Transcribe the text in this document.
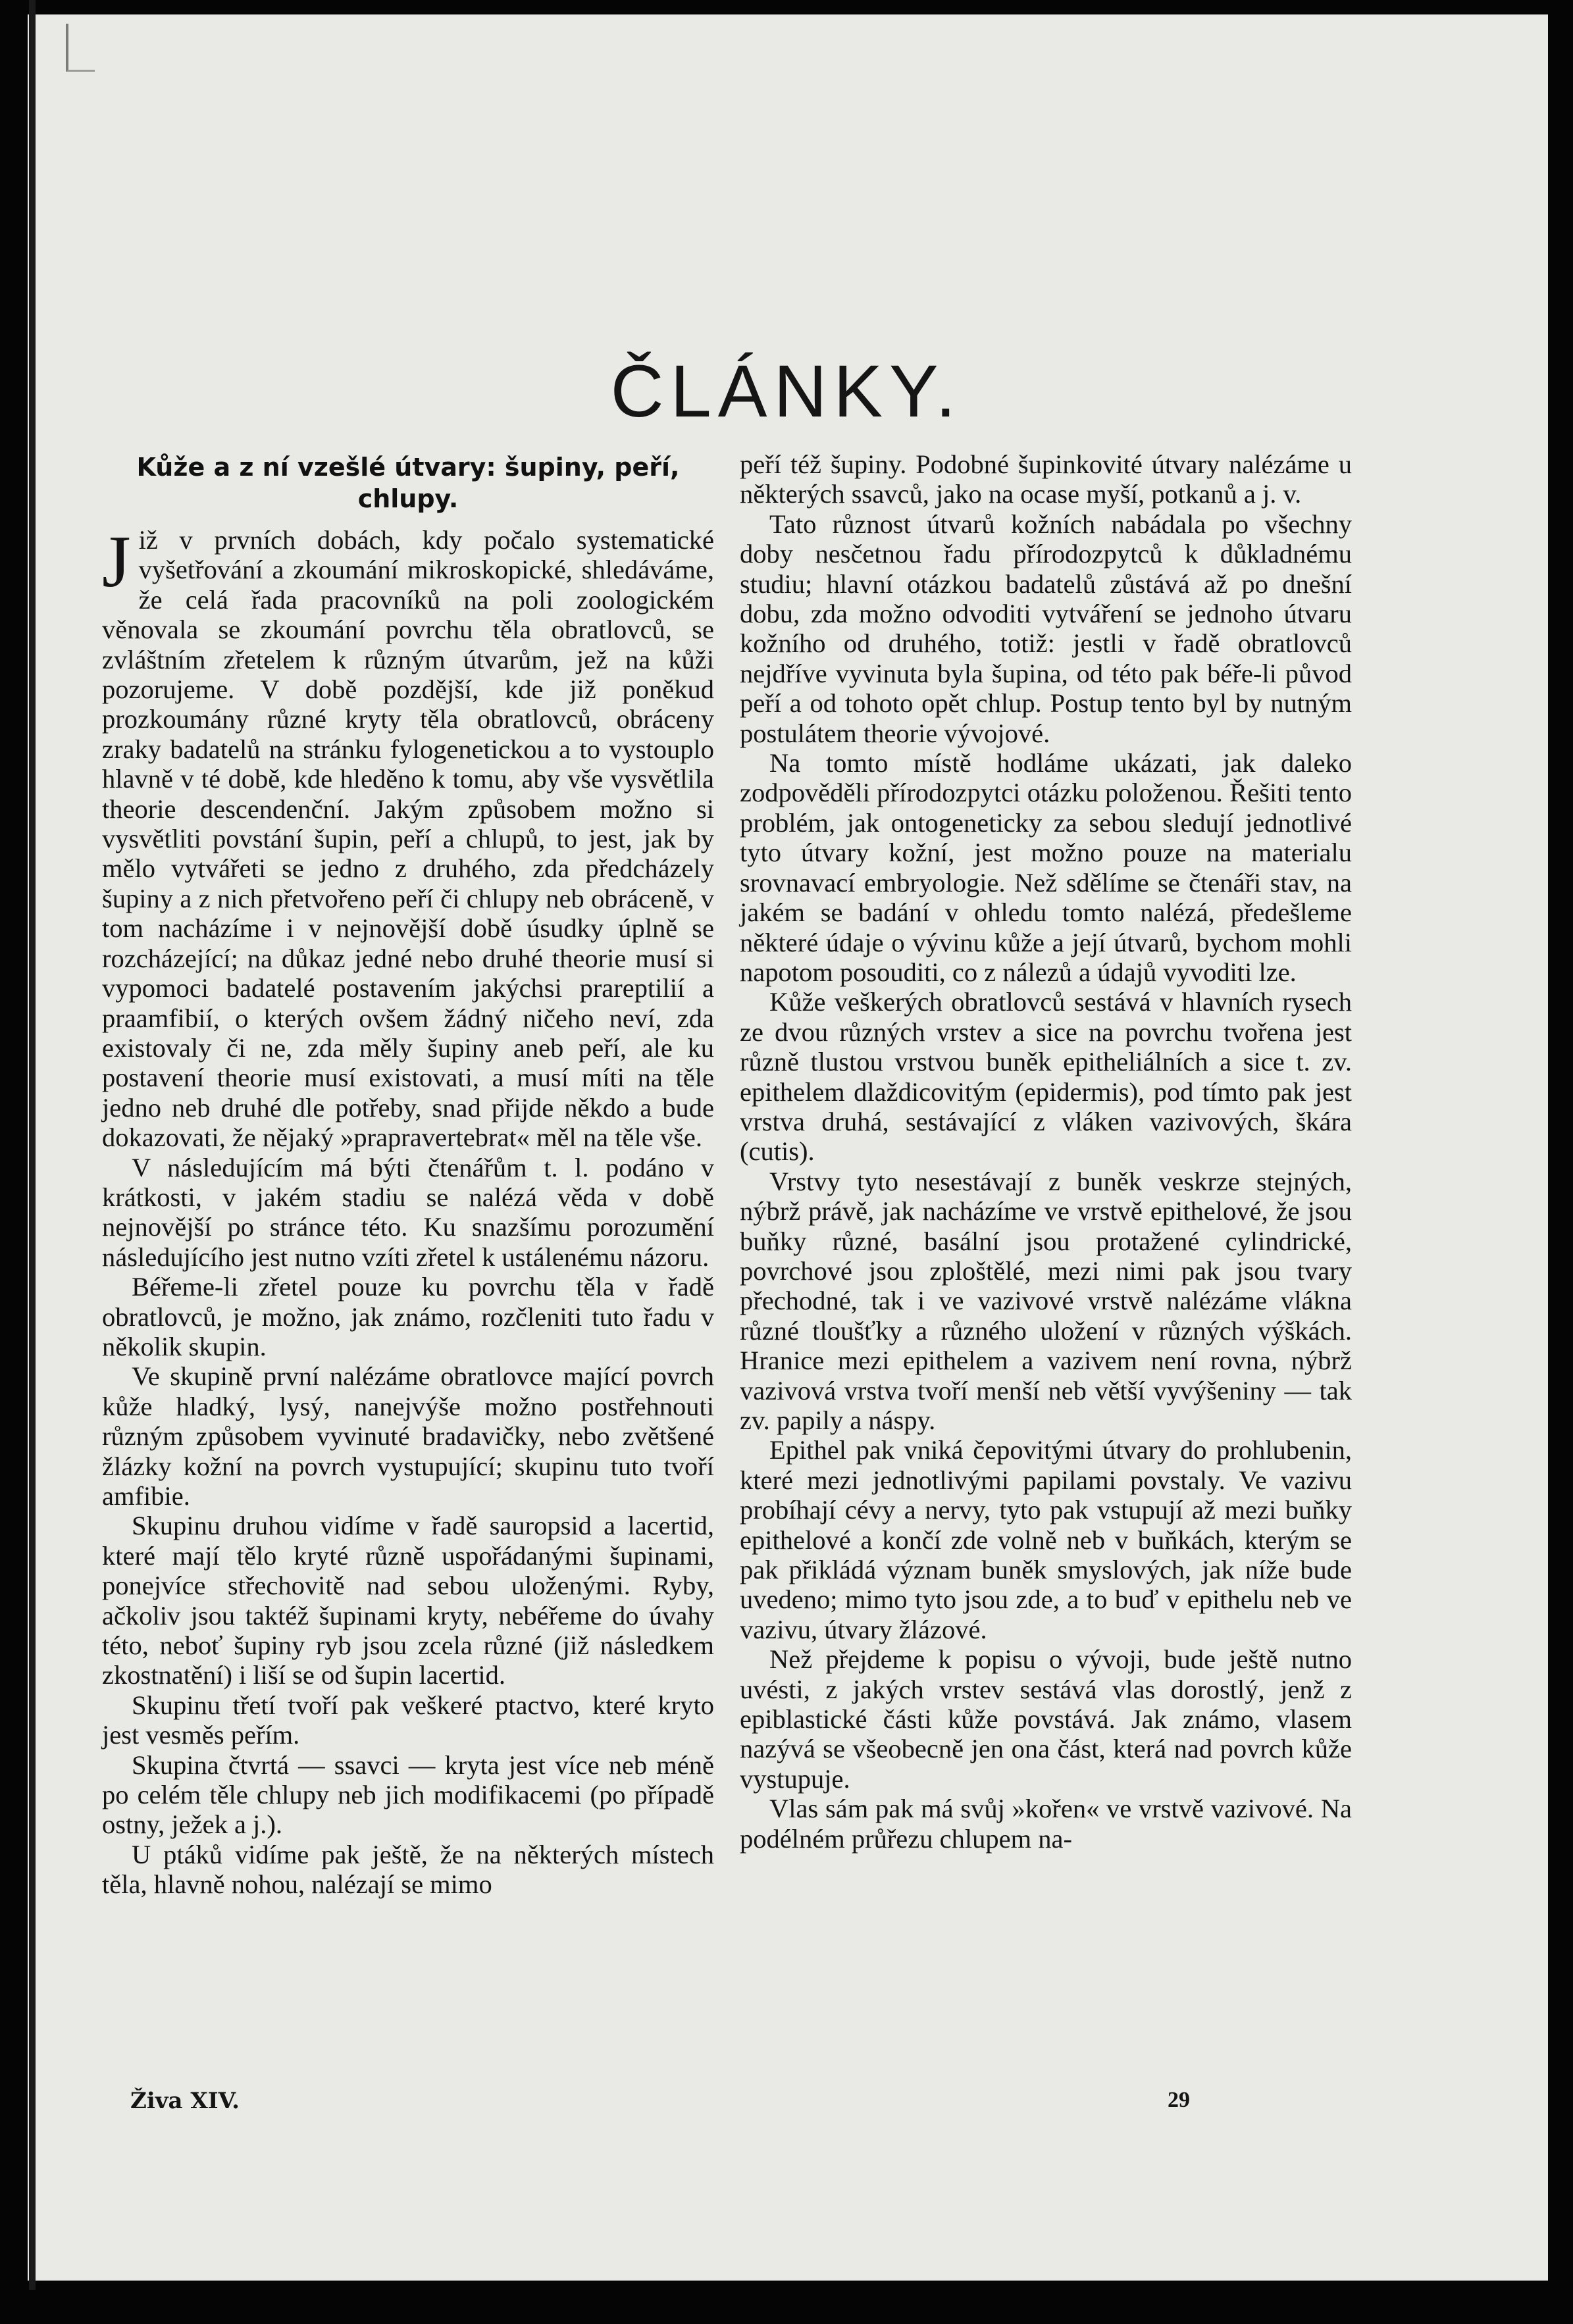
ČLÁNKY.
Kůže a z ní vzešlé útvary: šupiny, peří, chlupy.

Již v prvních dobách, kdy počalo systematické vyšetřování a zkoumání mikroskopické, shledáváme, že celá řada pracovníků na poli zoologickém věnovala se zkoumání povrchu těla obratlovců, se zvláštním zřetelem k různým útvarům, jež na kůži pozorujeme. V době pozdější, kde již poněkud prozkoumány různé kryty těla obratlovců, obráceny zraky badatelů na stránku fylogenetickou a to vystouplo hlavně v té době, kde hleděno k tomu, aby vše vysvětlila theorie descendenční. Jakým způsobem možno si vysvětliti povstání šupin, peří a chlupů, to jest, jak by mělo vytvářeti se jedno z druhého, zda předcházely šupiny a z nich přetvořeno peří či chlupy neb obráceně, v tom nacházíme i v nejnovější době úsudky úplně se rozcházející; na důkaz jedné nebo druhé theorie musí si vypomoci badatelé postavením jakýchsi prareptilií a praamfibií, o kterých ovšem žádný ničeho neví, zda existovaly či ne, zda měly šupiny aneb peří, ale ku postavení theorie musí existovati, a musí míti na těle jedno neb druhé dle potřeby, snad přijde někdo a bude dokazovati, že nějaký »prapravertebrat« měl na těle vše.

V následujícím má býti čtenářům t. l. podáno v krátkosti, v jakém stadiu se nalézá věda v době nejnovější po stránce této. Ku snazšímu porozumění následujícího jest nutno vzíti zřetel k ustálenému názoru.

Béřeme-li zřetel pouze ku povrchu těla v řadě obratlovců, je možno, jak známo, rozčleniti tuto řadu v několik skupin.

Ve skupině první nalézáme obratlovce mající povrch kůže hladký, lysý, nanejvýše možno postřehnouti různým způsobem vyvinuté bradavičky, nebo zvětšené žlázky kožní na povrch vystupující; skupinu tuto tvoří amfibie.

Skupinu druhou vidíme v řadě sauropsid a lacertid, které mají tělo kryté různě uspořádanými šupinami, ponejvíce střechovitě nad sebou uloženými. Ryby, ačkoliv jsou taktéž šupinami kryty, nebéřeme do úvahy této, neboť šupiny ryb jsou zcela různé (již následkem zkostnatění) i liší se od šupin lacertid.

Skupinu třetí tvoří pak veškeré ptactvo, které kryto jest vesměs peřím.

Skupina čtvrtá — ssavci — kryta jest více neb méně po celém těle chlupy neb jich modifikacemi (po případě ostny, ježek a j.).

U ptáků vidíme pak ještě, že na některých místech těla, hlavně nohou, nalézají se mimo

peří též šupiny. Podobné šupinkovité útvary nalézáme u některých ssavců, jako na ocase myší, potkanů a j. v.

Tato různost útvarů kožních nabádala po všechny doby nesčetnou řadu přírodozpytců k důkladnému studiu; hlavní otázkou badatelů zůstává až po dnešní dobu, zda možno odvoditi vytváření se jednoho útvaru kožního od druhého, totiž: jestli v řadě obratlovců nejdříve vyvinuta byla šupina, od této pak béře-li původ peří a od tohoto opět chlup. Postup tento byl by nutným postulátem theorie vývojové.

Na tomto místě hodláme ukázati, jak daleko zodpověděli přírodozpytci otázku položenou. Řešiti tento problém, jak ontogeneticky za sebou sledují jednotlivé tyto útvary kožní, jest možno pouze na materialu srovnavací embryologie. Než sdělíme se čtenáři stav, na jakém se badání v ohledu tomto nalézá, předešleme některé údaje o vývinu kůže a její útvarů, bychom mohli napotom posouditi, co z nálezů a údajů vyvoditi lze.

Kůže veškerých obratlovců sestává v hlavních rysech ze dvou různých vrstev a sice na povrchu tvořena jest různě tlustou vrstvou buněk epitheliálních a sice t. zv. epithelem dlaždicovitým (epidermis), pod tímto pak jest vrstva druhá, sestávající z vláken vazivových, škára (cutis).

Vrstvy tyto nesestávají z buněk veskrze stejných, nýbrž právě, jak nacházíme ve vrstvě epithelové, že jsou buňky různé, basální jsou protažené cylindrické, povrchové jsou zploštělé, mezi nimi pak jsou tvary přechodné, tak i ve vazivové vrstvě nalézáme vlákna různé tloušťky a různého uložení v různých výškách. Hranice mezi epithelem a vazivem není rovna, nýbrž vazivová vrstva tvoří menší neb větší vyvýšeniny — tak zv. papily a náspy.

Epithel pak vniká čepovitými útvary do prohlubenin, které mezi jednotlivými papilami povstaly. Ve vazivu probíhají cévy a nervy, tyto pak vstupují až mezi buňky epithelové a končí zde volně neb v buňkách, kterým se pak přikládá význam buněk smyslových, jak níže bude uvedeno; mimo tyto jsou zde, a to buď v epithelu neb ve vazivu, útvary žlázové.

Než přejdeme k popisu o vývoji, bude ještě nutno uvésti, z jakých vrstev sestává vlas dorostlý, jenž z epiblastické části kůže povstává. Jak známo, vlasem nazývá se všeobecně jen ona část, která nad povrch kůže vystupuje.

Vlas sám pak má svůj »kořen« ve vrstvě vazivové. Na podélném průřezu chlupem na-

Živa XIV.	29
